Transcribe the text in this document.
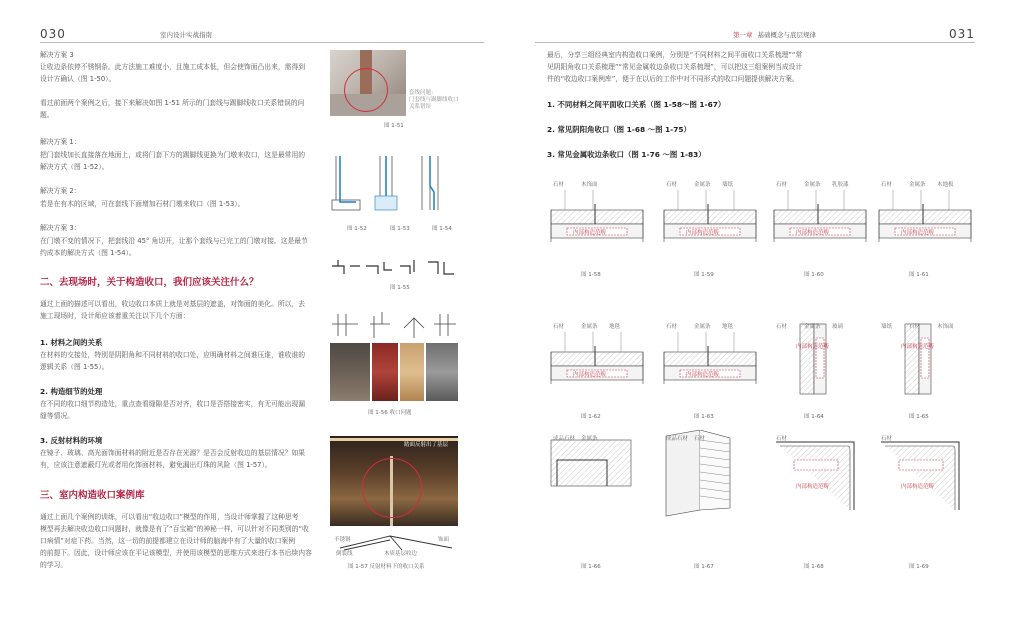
030	室内设计实战指南

解决方案 3

让收边条依停不锈钢条。此方法施工难度小，且施工成本低，但会使饰面凸出来，需得到

设计方确认（图 1-50）。

看过前面两个案例之后，接下来解决如图 1-51 所示的门套线与踢脚线收口关系错误的问

题。

解决方案 1：

把门套线加长直接落在地面上，或将门套下方的踢脚线更换为门墩来收口，这是最常用的

解决方式（图 1-52）。

解决方案 2：

若是在有木的区域，可在套线下面增加石材门墩来收口（图 1-53）。

解决方案 3：

在门墩不变的情况下，把套线沿 45° 角切开，让那个套线与已完工的门墩对接。这是最节

约成本的解决方式（图 1-54）。

二、去现场时，关于构造收口，我们应该关注什么？

通过上面的描述可以看出，收边收口本质上就是对基层的遮盖，对饰面的美化。所以，去

施工现场时，设计师应该着重关注以下几个方面：

1. 材料之间的关系

在材料的交接处，特别是阴阳角和不同材料的收口处，应明确材料之间谁压谁，谁收谁的

逻辑关系（图 1-55）。

2. 构造细节的处理

在不同的收口细节构造处，重点查看缝隙是否对齐，收口是否搭接密实，有无可能出现漏

缝等情况。

3. 反射材料的环境

在镜子、玻璃、高光面饰面材料的附近是否存在光源？是否会反射收边的基层情况？如果

有，应该注意遮蔽灯光或者用化饰面材料，避免漏出灯珠的风险（图 1-57）。

三、室内构造收口案例库

通过上面几个案例的训练，可以看出“收边收口”模型的作用，当设计师掌握了这种思考

模型再去解决收边收口问题时，就像是有了“百宝箱”的神秘一样，可以针对不同类别的“收

口病情”对症下药。当然，这一切的前提都建立在设计师的脑海中有了大量的收口案例

的前提下。因此，设计师应该在平记该模型，并使用该模型的思维方式来进行本书后续内容

的学习。

套线问题：
门套线与踢脚线收口
关系错误
图 1-51
图 1-52	图 1-53	图 1-54
图 1-55
图 1-56 收口问题
踏面反射出了基层
不锈钢	饰面
木质基层收边
倒装线
图 1-57 反射材料下的收口关系
第一章 基础概念与底层规律	031

最后，分享三组经典室内构造收口案例，分别是“不同材料之间平面收口关系梳理”“常

见阴阳角收口关系梳理”“常见金属收边条收口关系梳理”，可以把这三组案例当成设计

件的“收边收口案例库”，便于在以后的工作中对不同形式的收口问题提供解决方案。

1. 不同材料之间平面收口关系（图 1-58～图 1-67）
2. 常见阴阳角收口（图 1-68 ～图 1-75）
3. 常见金属收边条收口（图 1-76 ～图 1-83）
石材	木饰面
内部构造范畴
图 1-58
石材	金属条 墙纸
内部构造范畴
图 1-59
石材	金属条 乳胶漆
内部构造范畴
图 1-60
石材	金属条 木地板
内部构造范畴
图 1-61
石材	金属条 地毯
内部构造范畴
图 1-62
石材	金属条 地毯
内部构造范畴
图 1-63
石材	金属条 玻璃
内部构造范畴
图 1-64
墙纸	石材	木饰面
内部构造范畴
图 1-65
成品石材 金属条
图 1-66
成品石材 石材
图 1-67
石材
内部构造范畴
图 1-68
石材
内部构造范畴
图 1-69
